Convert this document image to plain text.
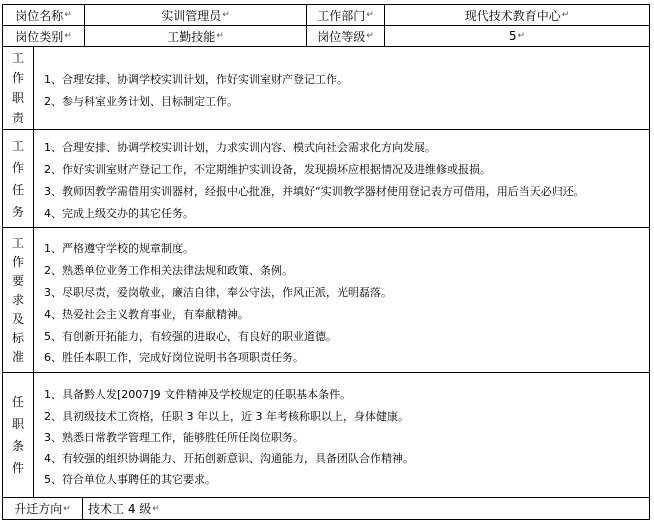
岗位名称 ↵	实训管理员 ↵	工作部门 ↵	现代技术教育中心 ↵
岗位类别 ↵	工勤技能 ↵	岗位等级 ↵	5 ↵
工作职责
1、合理安排、协调学校实训计划，作好实训室财产登记工作。
2、参与科室业务计划、目标制定工作。
工作任务
1、合理安排、协调学校实训计划，力求实训内容、模式向社会需求化方向发展。
2、作好实训室财产登记工作，不定期维护实训设备，发现损坏应根据情况及进维修或报损。
3、教师因教学需借用实训器材，经报中心批准，并填好“实训教学器材使用登记表方可借用，用后当天必归还。
4、完成上级交办的其它任务。
工作要求及标准
1、严格遵守学校的规章制度。
2、熟悉单位业务工作相关法律法规和政策、条例。
3、尽职尽责，爱岗敬业，廉洁自律，奉公守法，作风正派，光明磊落。
4、热爱社会主义教育事业，有奉献精神。
5、有创新开拓能力，有较强的进取心，有良好的职业道德。
6、胜任本职工作，完成好岗位说明书各项职责任务。
任职条件
1、具备黔人发[2007]9 文件精神及学校规定的任职基本条件。
2、具初级技术工资格，任职 3 年以上，近 3 年考核称职以上，身体健康。
3、熟悉日常教学管理工作，能够胜任所任岗位职务。
4、有较强的组织协调能力、开拓创新意识、沟通能力，具备团队合作精神。
5、符合单位人事聘任的其它要求。
升迁方向 ↵ 技术工 4 级 ↵
